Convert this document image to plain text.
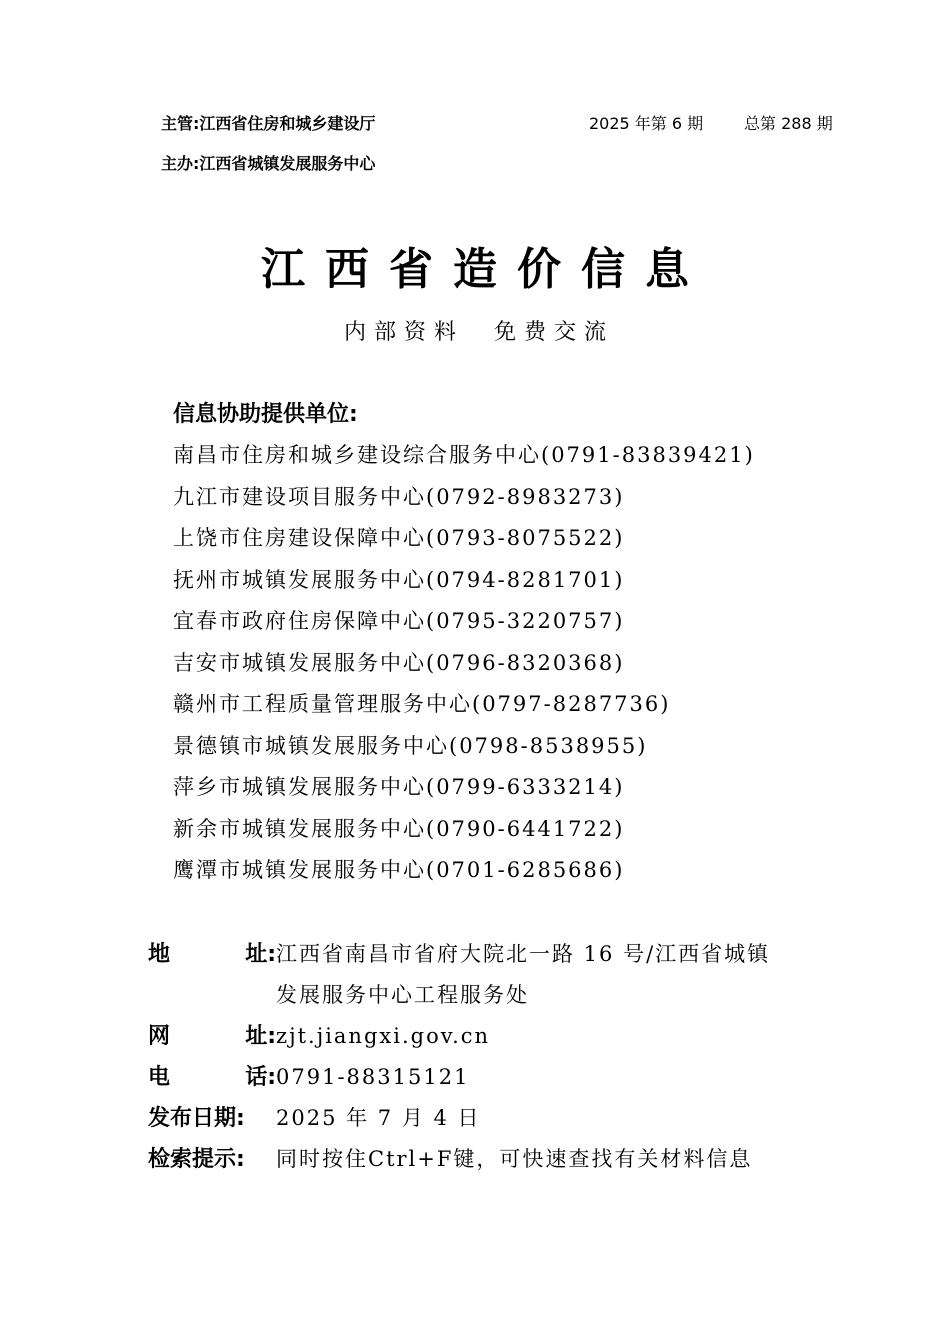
主管:江西省住房和城乡建设厅
主办:江西省城镇发展服务中心
2025 年第 6 期	总第 288 期
江西省造价信息
内部资料  免费交流
信息协助提供单位:
南昌市住房和城乡建设综合服务中心(0791-83839421)
九江市建设项目服务中心(0792-8983273)
上饶市住房建设保障中心(0793-8075522)
抚州市城镇发展服务中心(0794-8281701)
宜春市政府住房保障中心(0795-3220757)
吉安市城镇发展服务中心(0796-8320368)
赣州市工程质量管理服务中心(0797-8287736)
景德镇市城镇发展服务中心(0798-8538955)
萍乡市城镇发展服务中心(0799-6333214)
新余市城镇发展服务中心(0790-6441722)
鹰潭市城镇发展服务中心(0701-6285686)
地	址: 江西省南昌市省府大院北一路 16 号/江西省城镇
发展服务中心工程服务处
网	址: zjt.jiangxi.gov.cn
电	话: 0791-88315121
发布日期:	2025 年 7 月 4 日
检索提示:	同时按住Ctrl+F键，可快速查找有关材料信息
